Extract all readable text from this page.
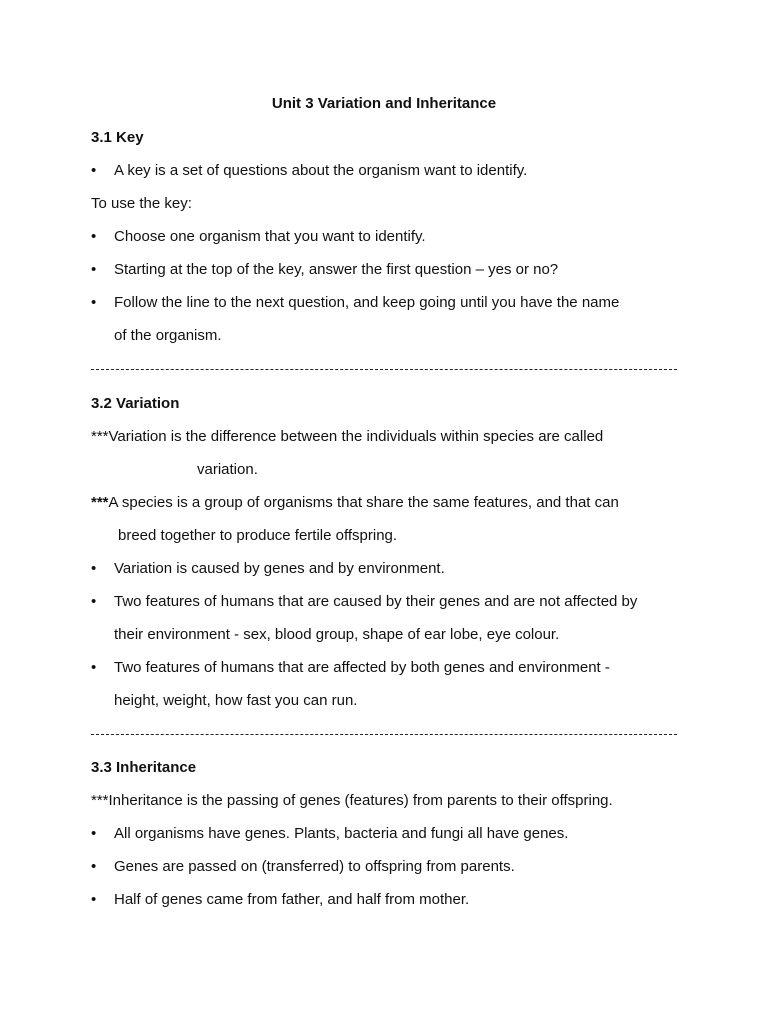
Unit 3 Variation and Inheritance
3.1 Key
• A key is a set of questions about the organism want to identify.
To use the key:
• Choose one organism that you want to identify.
• Starting at the top of the key, answer the first question – yes or no?
• Follow the line to the next question, and keep going until you have the name
of the organism.
3.2 Variation
***Variation is the difference between the individuals within species are called
variation.
***A species is a group of organisms that share the same features, and that can
breed together to produce fertile offspring.
• Variation is caused by genes and by environment.
• Two features of humans that are caused by their genes and are not affected by
their environment - sex, blood group, shape of ear lobe, eye colour.
• Two features of humans that are affected by both genes and environment -
height, weight, how fast you can run.
3.3 Inheritance
***Inheritance is the passing of genes (features) from parents to their offspring.
• All organisms have genes. Plants, bacteria and fungi all have genes.
• Genes are passed on (transferred) to offspring from parents.
• Half of genes came from father, and half from mother.
